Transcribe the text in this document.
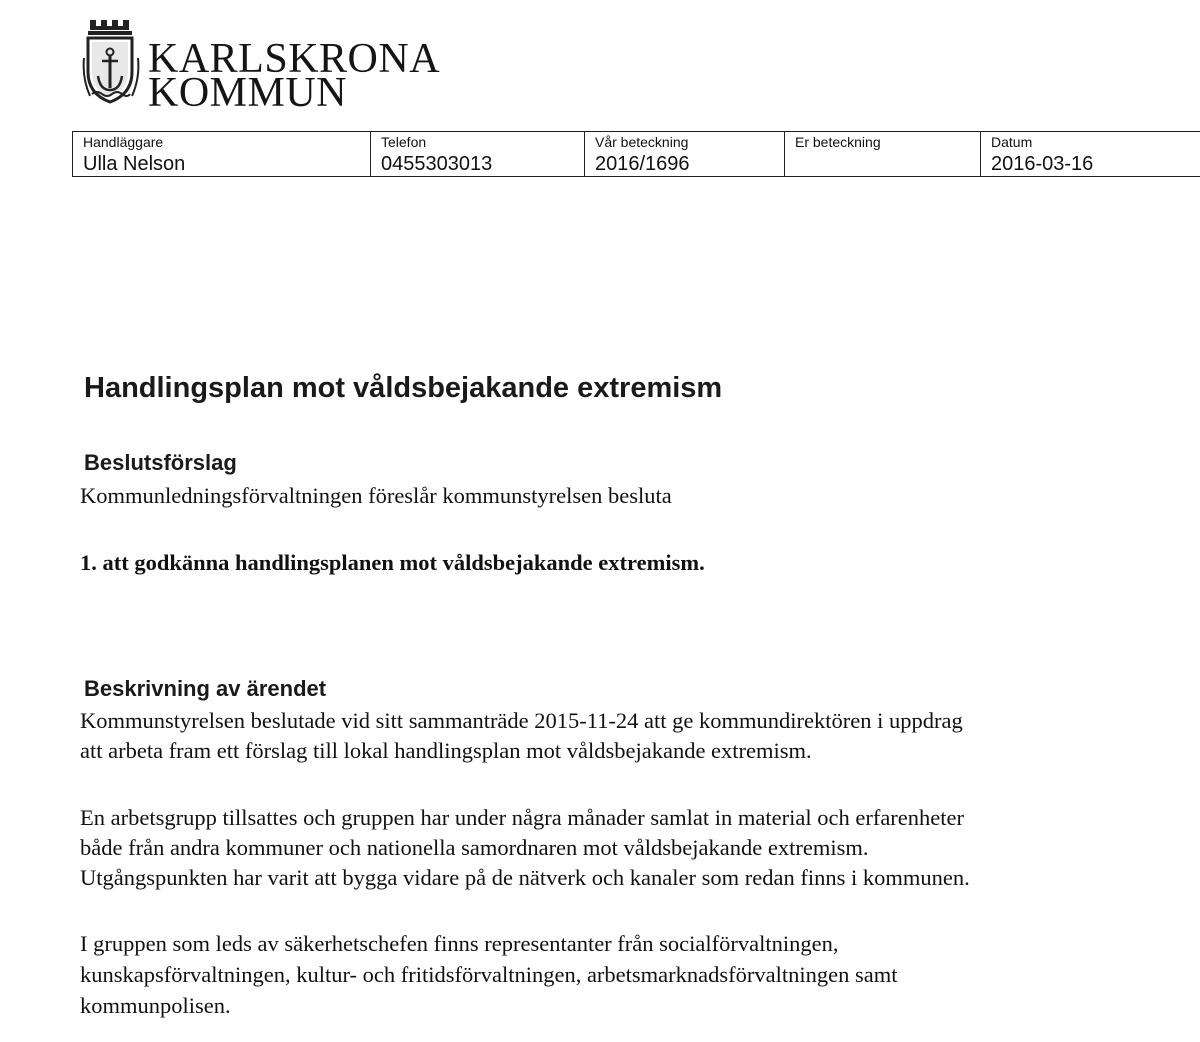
KARLSKRONA
KOMMUN
Handläggare	Telefon	Vår beteckning	Er beteckning	Datum
Ulla Nelson	0455303013	2016/1696		2016-03-16
Handlingsplan mot våldsbejakande extremism
Beslutsförslag
Kommunledningsförvaltningen föreslår kommunstyrelsen besluta
1. att godkänna handlingsplanen mot våldsbejakande extremism.
Beskrivning av ärendet
Kommunstyrelsen beslutade vid sitt sammanträde 2015-11-24 att ge kommundirektören i uppdrag
att arbeta fram ett förslag till lokal handlingsplan mot våldsbejakande extremism.
En arbetsgrupp tillsattes och gruppen har under några månader samlat in material och erfarenheter
både från andra kommuner och nationella samordnaren mot våldsbejakande extremism.
Utgångspunkten har varit att bygga vidare på de nätverk och kanaler som redan finns i kommunen.
I gruppen som leds av säkerhetschefen finns representanter från socialförvaltningen,
kunskapsförvaltningen, kultur- och fritidsförvaltningen, arbetsmarknadsförvaltningen samt
kommunpolisen.
